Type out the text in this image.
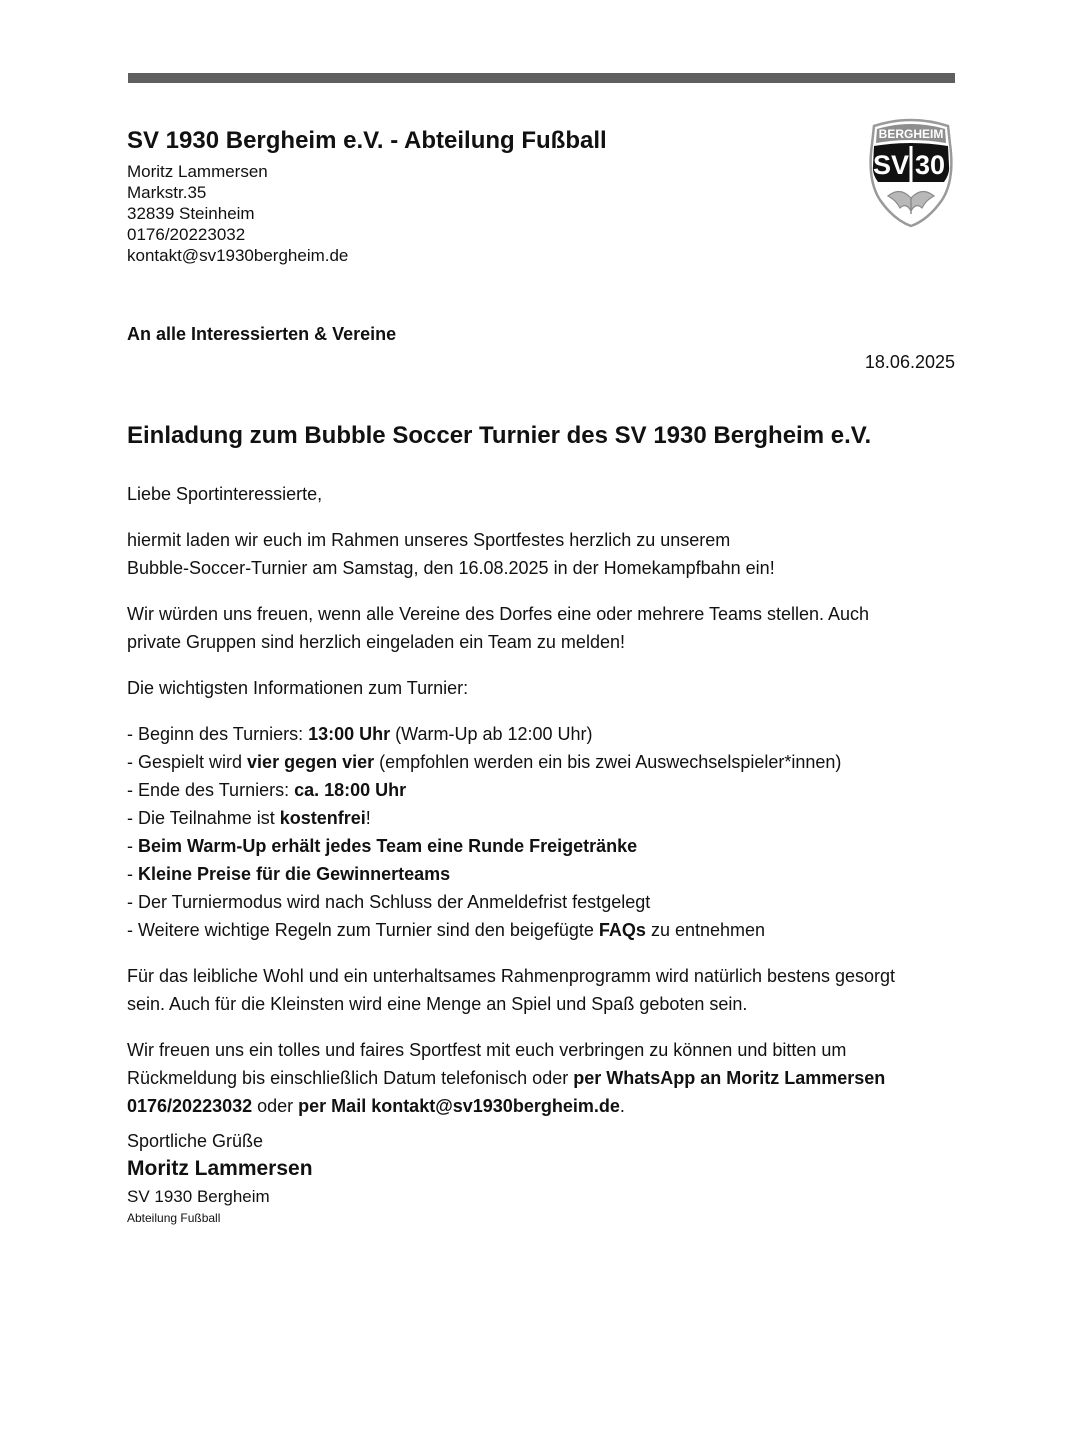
SV 1930 Bergheim e.V. - Abteilung Fußball
Moritz Lammersen
Markstr.35
32839 Steinheim
0176/20223032
kontakt@sv1930bergheim.de
BERGHEIM
SV 30
An alle Interessierten & Vereine
18.06.2025
Einladung zum Bubble Soccer Turnier des SV 1930 Bergheim e.V.

Liebe Sportinteressierte,

hiermit laden wir euch im Rahmen unseres Sportfestes herzlich zu unserem
Bubble-Soccer-Turnier am Samstag, den 16.08.2025 in der Homekampfbahn ein!

Wir würden uns freuen, wenn alle Vereine des Dorfes eine oder mehrere Teams stellen. Auch
private Gruppen sind herzlich eingeladen ein Team zu melden!

Die wichtigsten Informationen zum Turnier:

- Beginn des Turniers: 13:00 Uhr (Warm-Up ab 12:00 Uhr)
- Gespielt wird vier gegen vier (empfohlen werden ein bis zwei Auswechselspieler*innen)
- Ende des Turniers: ca. 18:00 Uhr
- Die Teilnahme ist kostenfrei!
- Beim Warm-Up erhält jedes Team eine Runde Freigetränke
- Kleine Preise für die Gewinnerteams
- Der Turniermodus wird nach Schluss der Anmeldefrist festgelegt
- Weitere wichtige Regeln zum Turnier sind den beigefügte FAQs zu entnehmen

Für das leibliche Wohl und ein unterhaltsames Rahmenprogramm wird natürlich bestens gesorgt
sein. Auch für die Kleinsten wird eine Menge an Spiel und Spaß geboten sein.

Wir freuen uns ein tolles und faires Sportfest mit euch verbringen zu können und bitten um
Rückmeldung bis einschließlich Datum telefonisch oder per WhatsApp an Moritz Lammersen
0176/20223032 oder per Mail kontakt@sv1930bergheim.de.

Sportliche Grüße
Moritz Lammersen
SV 1930 Bergheim
Abteilung Fußball
